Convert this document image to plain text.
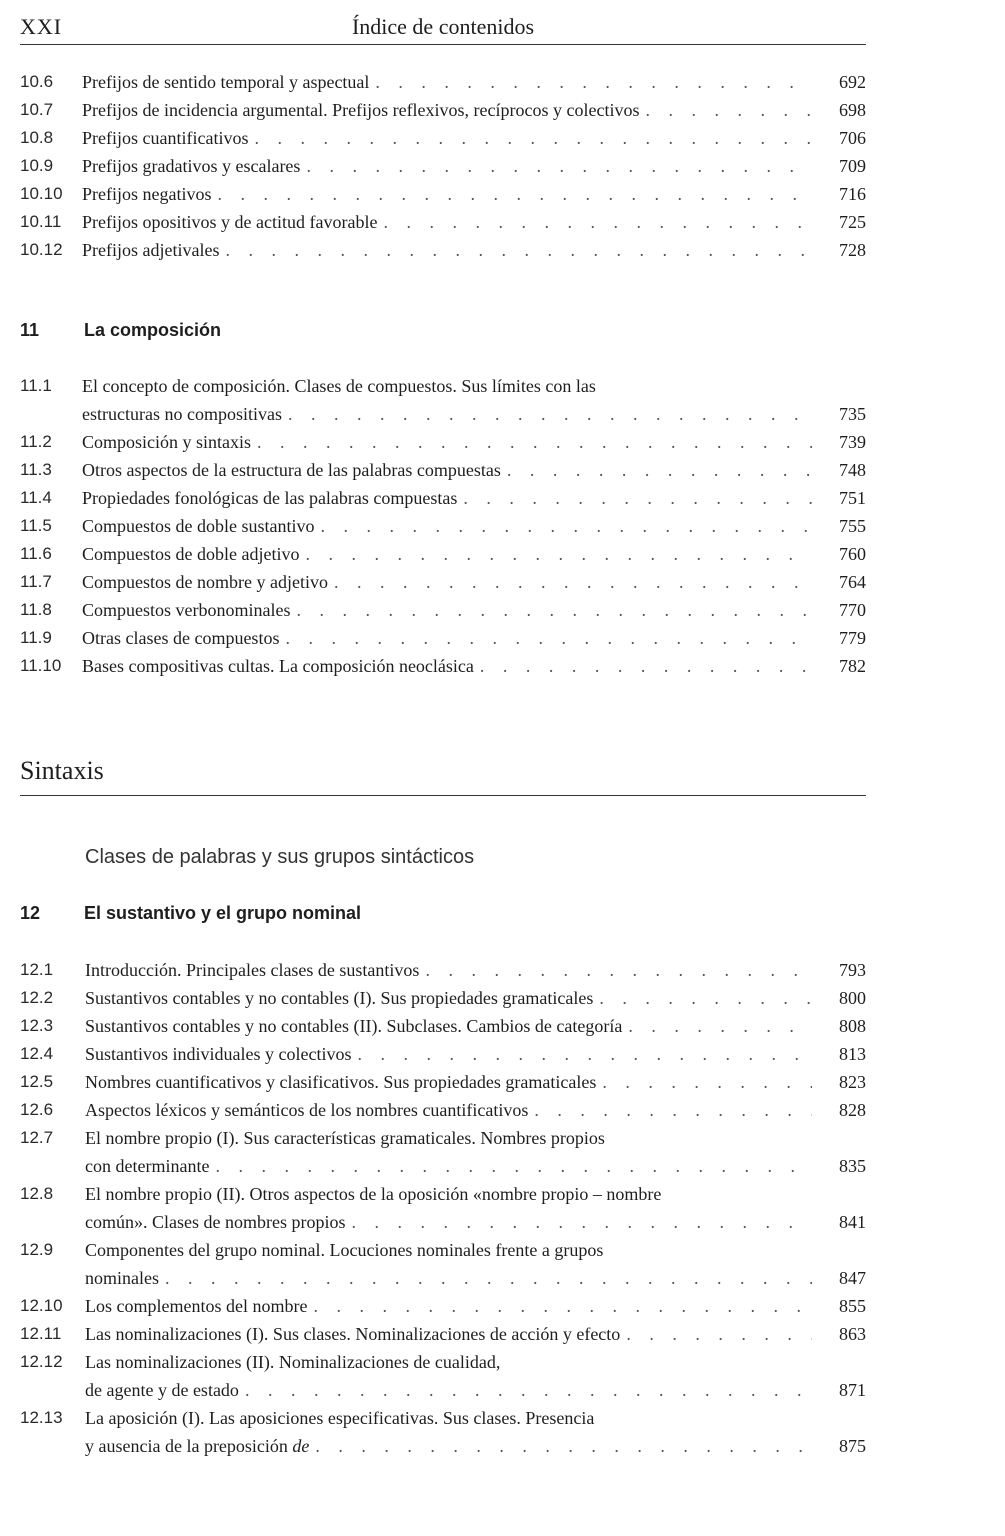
XXI	Índice de contenidos
10.6 Prefijos de sentido temporal y aspectual . . .	692
10.7 Prefijos de incidencia argumental. Prefijos reflexivos, recíprocos y colectivos . . .	698
10.8 Prefijos cuantificativos . . .	706
10.9 Prefijos gradativos y escalares . . .	709
10.10 Prefijos negativos . . .	716
10.11 Prefijos opositivos y de actitud favorable . . .	725
10.12 Prefijos adjetivales . . .	728
11 La composición
11.1 El concepto de composición. Clases de compuestos. Sus límites con las
estructuras no compositivas . . .	735
11.2 Composición y sintaxis . . .	739
11.3 Otros aspectos de la estructura de las palabras compuestas . . .	748
11.4 Propiedades fonológicas de las palabras compuestas . . .	751
11.5 Compuestos de doble sustantivo . . .	755
11.6 Compuestos de doble adjetivo . . .	760
11.7 Compuestos de nombre y adjetivo . . .	764
11.8 Compuestos verbonominales . . .	770
11.9 Otras clases de compuestos . . .	779
11.10 Bases compositivas cultas. La composición neoclásica . . .	782
Sintaxis
Clases de palabras y sus grupos sintácticos
12 El sustantivo y el grupo nominal
12.1 Introducción. Principales clases de sustantivos . . .	793
12.2 Sustantivos contables y no contables (I). Sus propiedades gramaticales . . .	800
12.3 Sustantivos contables y no contables (II). Subclases. Cambios de categoría . . .	808
12.4 Sustantivos individuales y colectivos . . .	813
12.5 Nombres cuantificativos y clasificativos. Sus propiedades gramaticales . . .	823
12.6 Aspectos léxicos y semánticos de los nombres cuantificativos . . .	828
12.7 El nombre propio (I). Sus características gramaticales. Nombres propios
con determinante . . .	835
12.8 El nombre propio (II). Otros aspectos de la oposición «nombre propio – nombre
común». Clases de nombres propios . . .	841
12.9 Componentes del grupo nominal. Locuciones nominales frente a grupos
nominales . . .	847
12.10 Los complementos del nombre . . .	855
12.11 Las nominalizaciones (I). Sus clases. Nominalizaciones de acción y efecto . . .	863
12.12 Las nominalizaciones (II). Nominalizaciones de cualidad,
de agente y de estado . . .	871
12.13 La aposición (I). Las aposiciones especificativas. Sus clases. Presencia
y ausencia de la preposición de . . .	875
